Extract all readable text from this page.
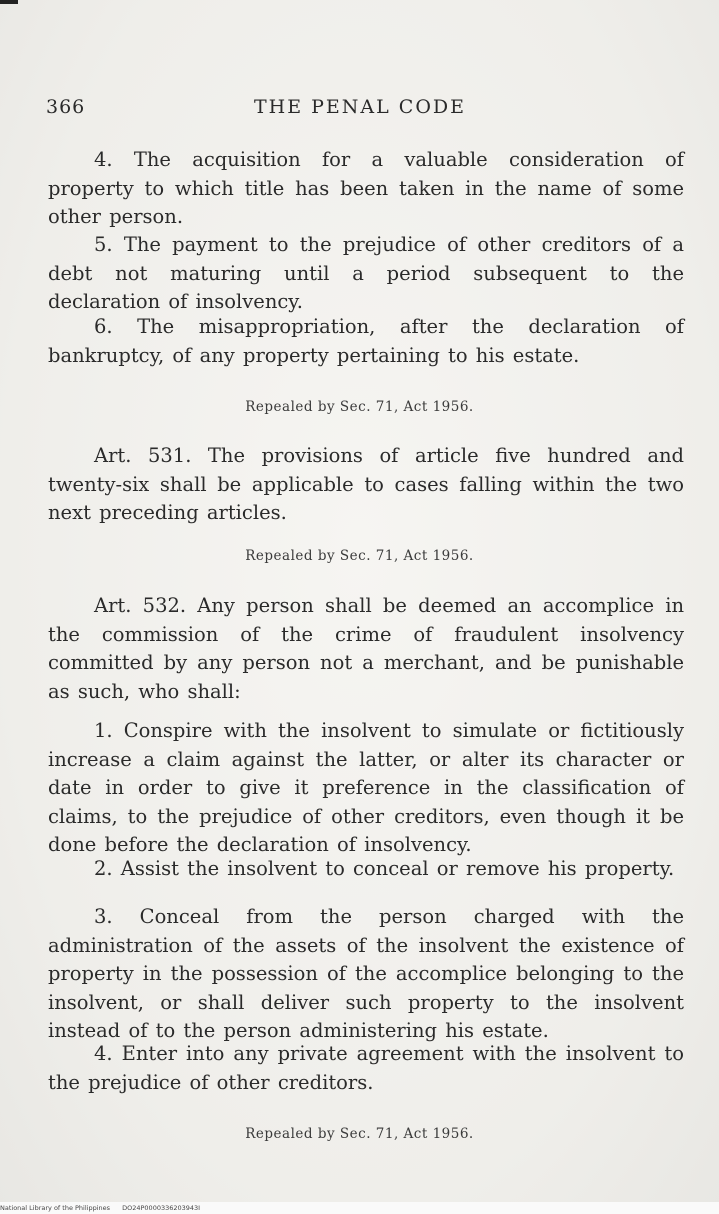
366	THE PENAL CODE

4. The acquisition for a valuable consideration of property to which title has been taken in the name of some other person.

5. The payment to the prejudice of other creditors of a debt not maturing until a period subsequent to the declaration of insolvency.

6. The misappropriation, after the declaration of bankruptcy, of any property pertaining to his estate.

Repealed by Sec. 71, Act 1956.

Art. 531. The provisions of article five hundred and twenty-six shall be applicable to cases falling within the two next preceding articles.

Repealed by Sec. 71, Act 1956.

Art. 532. Any person shall be deemed an accomplice in the commission of the crime of fraudulent insolvency committed by any person not a merchant, and be punishable as such, who shall:

1. Conspire with the insolvent to simulate or fictitiously increase a claim against the latter, or alter its character or date in order to give it preference in the classification of claims, to the prejudice of other creditors, even though it be done before the declaration of insolvency.

2. Assist the insolvent to conceal or remove his property.

3. Conceal from the person charged with the administration of the assets of the insolvent the existence of property in the possession of the accomplice belonging to the insolvent, or shall deliver such property to the insolvent instead of to the person administering his estate.

4. Enter into any private agreement with the insolvent to the prejudice of other creditors.

Repealed by Sec. 71, Act 1956.

National Library of the Philippines DO24P0000336203943I
